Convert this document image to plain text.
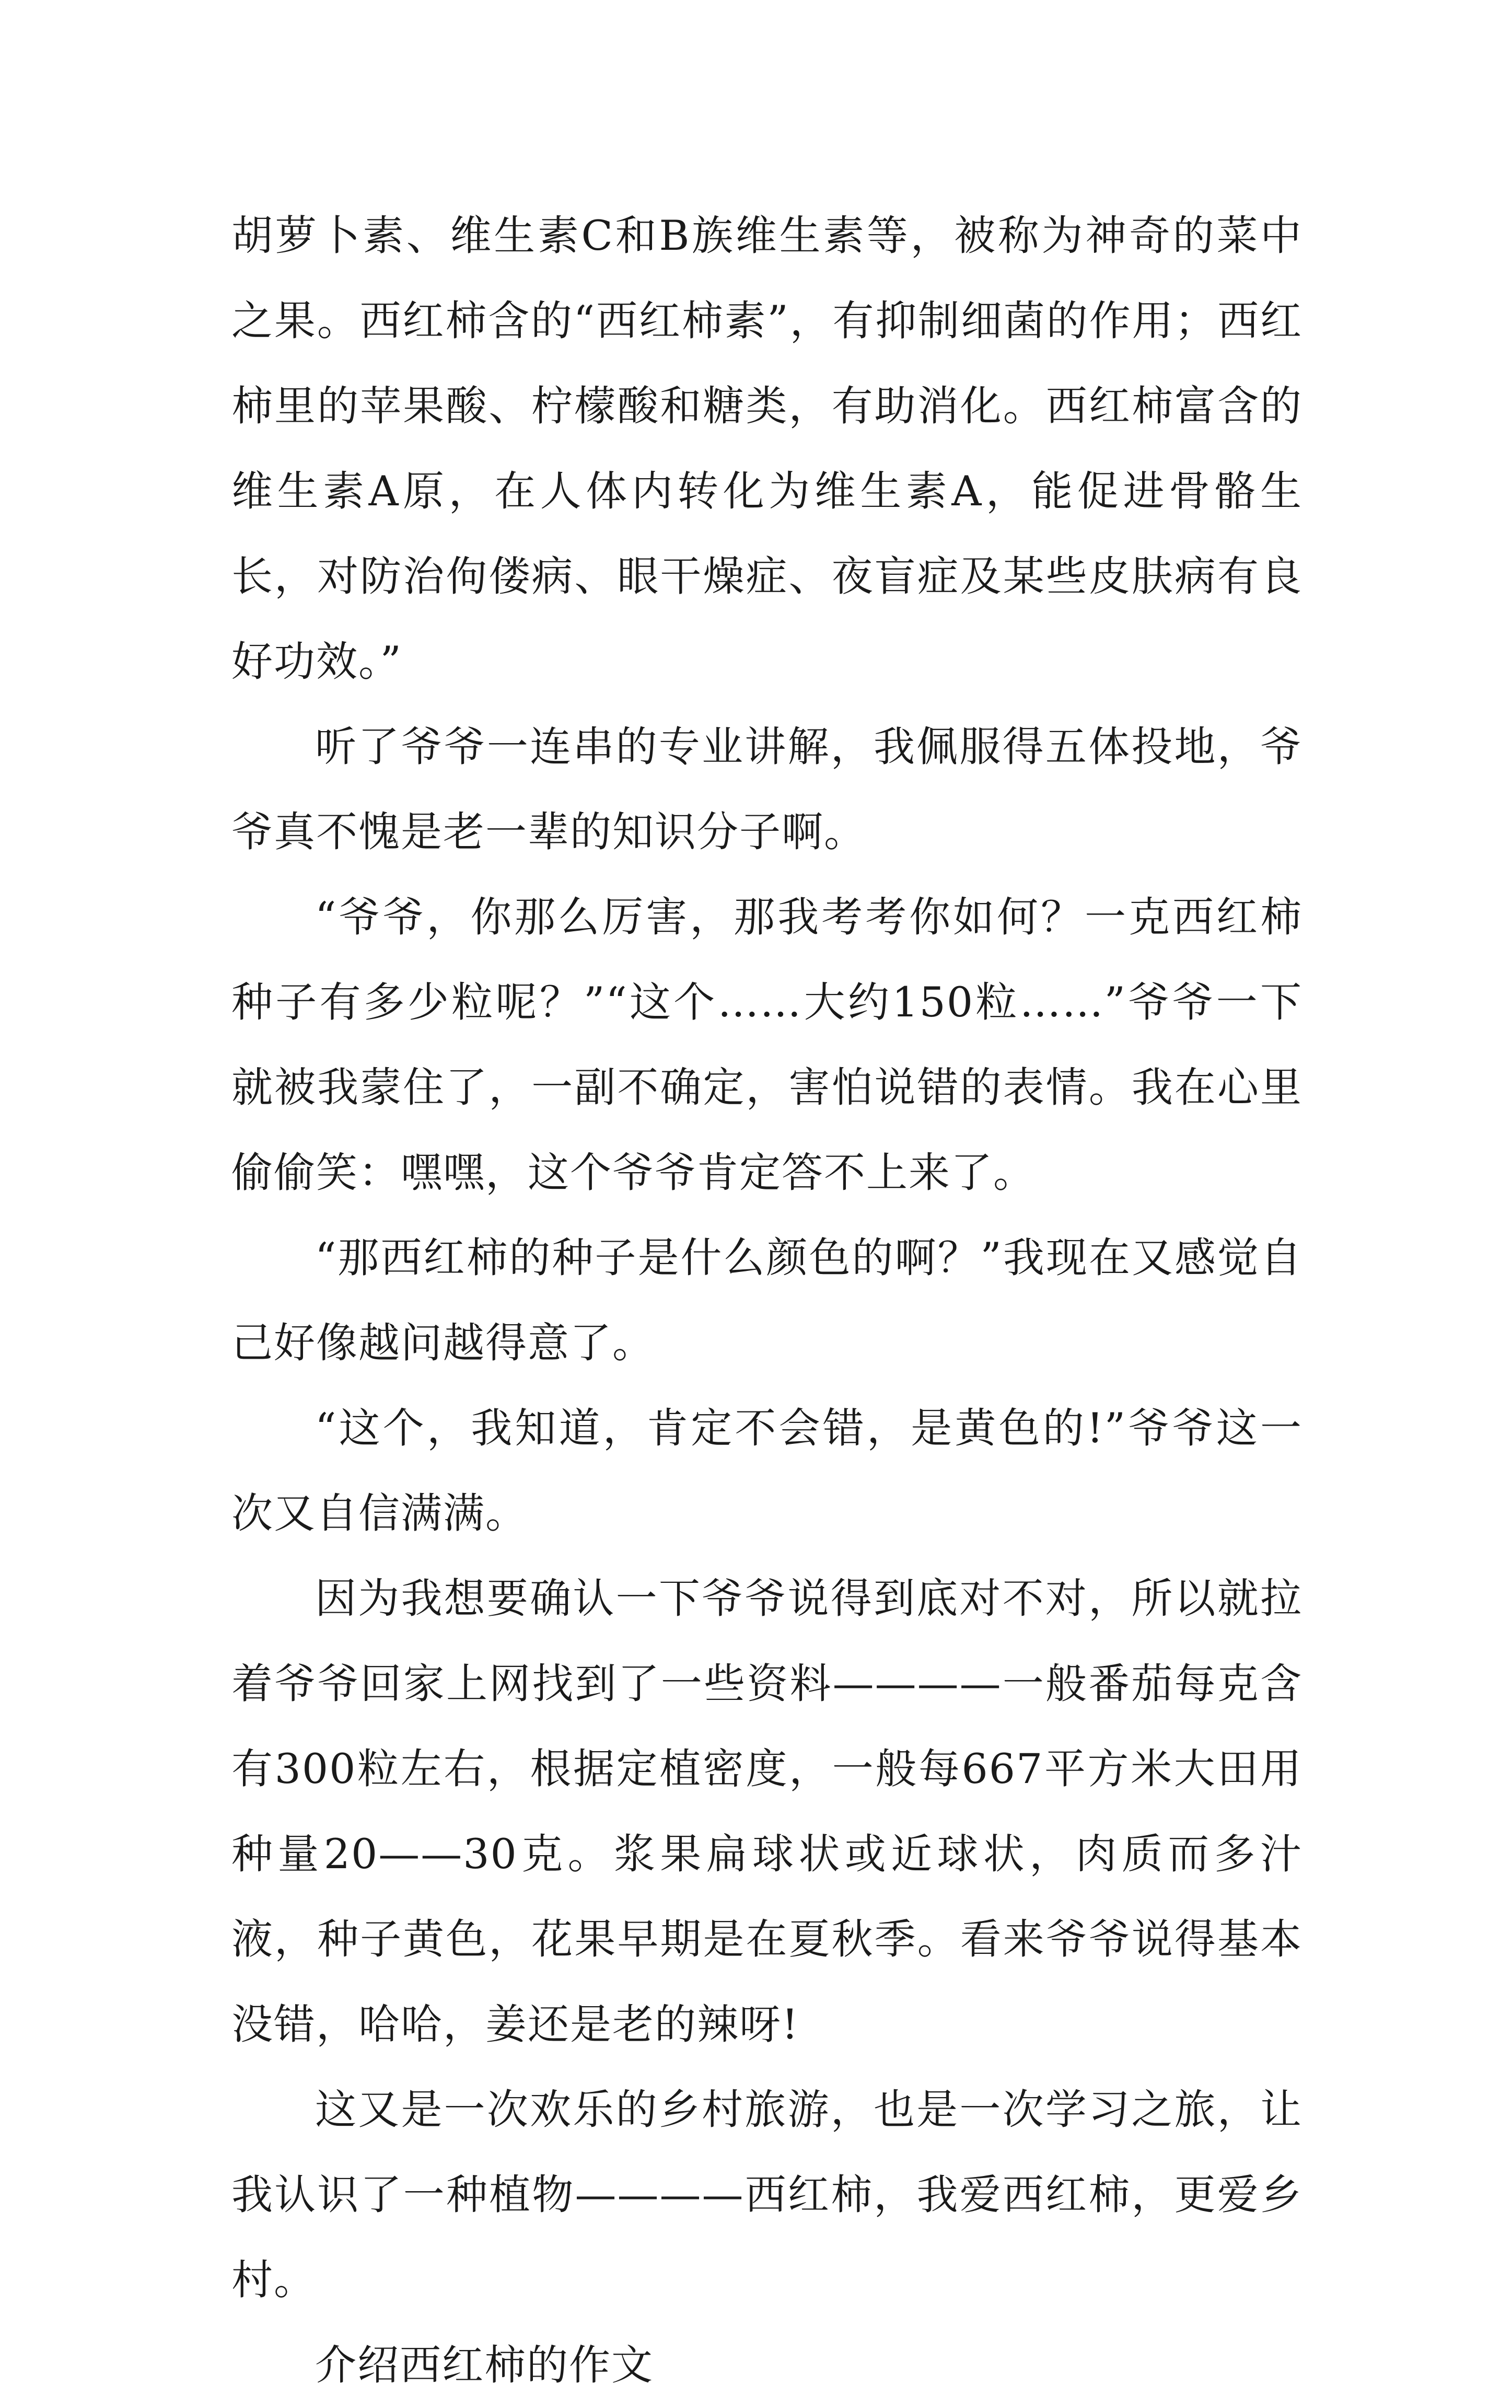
胡萝卜素、维生素C和B族维生素等，被称为神奇的菜中之果。西红柿含的“西红柿素”，有抑制细菌的作用；西红柿里的苹果酸、柠檬酸和糖类，有助消化。西红柿富含的维生素A原，在人体内转化为维生素A，能促进骨骼生长，对防治佝偻病、眼干燥症、夜盲症及某些皮肤病有良好功效。”

听了爷爷一连串的专业讲解，我佩服得五体投地，爷爷真不愧是老一辈的知识分子啊。

“爷爷，你那么厉害，那我考考你如何？一克西红柿种子有多少粒呢？”“这个……大约150粒……”爷爷一下就被我蒙住了，一副不确定，害怕说错的表情。我在心里偷偷笑：嘿嘿，这个爷爷肯定答不上来了。

“那西红柿的种子是什么颜色的啊？”我现在又感觉自己好像越问越得意了。

“这个，我知道，肯定不会错，是黄色的!”爷爷这一次又自信满满。

因为我想要确认一下爷爷说得到底对不对，所以就拉着爷爷回家上网找到了一些资料————一般番茄每克含有300粒左右，根据定植密度，一般每667平方米大田用种量20——30克。浆果扁球状或近球状，肉质而多汁液，种子黄色，花果早期是在夏秋季。看来爷爷说得基本没错，哈哈，姜还是老的辣呀!

这又是一次欢乐的乡村旅游，也是一次学习之旅，让我认识了一种植物————西红柿，我爱西红柿，更爱乡村。

介绍西红柿的作文
